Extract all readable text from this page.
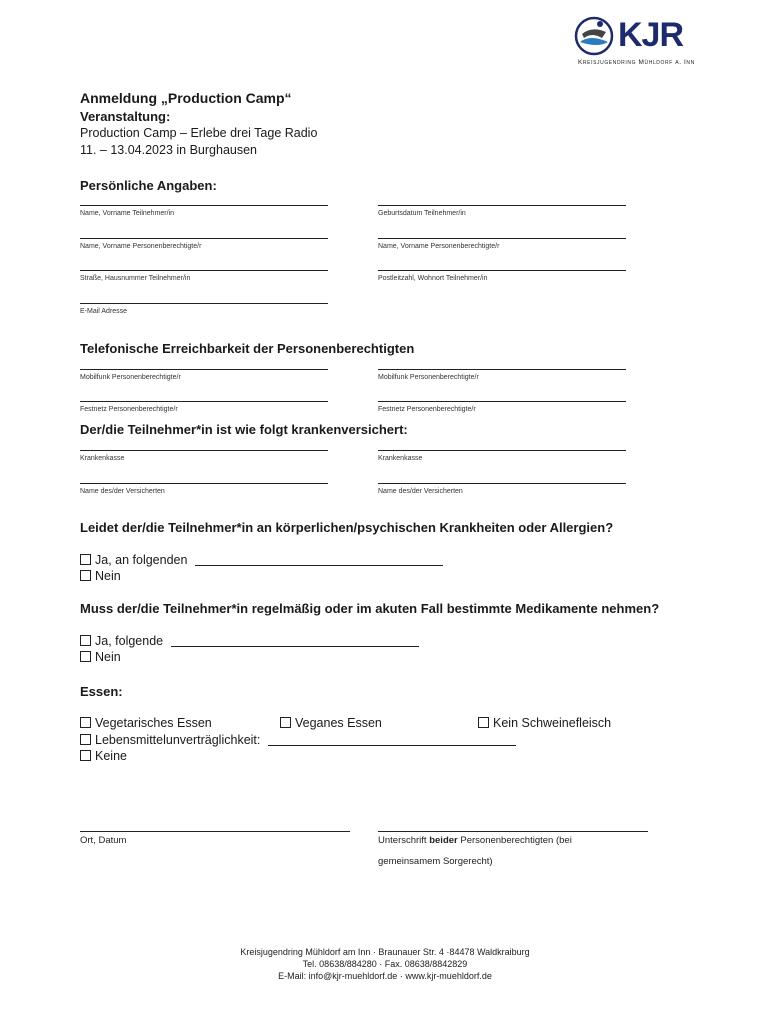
KJR
Kreisjugendring Mühldorf a. Inn
Anmeldung „Production Camp“
Veranstaltung:
Production Camp – Erlebe drei Tage Radio
11. – 13.04.2023 in Burghausen
Persönliche Angaben:
Name, Vorname Teilnehmer/in	Geburtsdatum Teilnehmer/in
Name, Vorname Personenberechtigte/r	Name, Vorname Personenberechtigte/r
Straße, Hausnummer Teilnehmer/in	Postleitzahl, Wohnort Teilnehmer/in
E-Mail Adresse
Telefonische Erreichbarkeit der Personenberechtigten
Mobilfunk Personenberechtigte/r	Mobilfunk Personenberechtigte/r
Festnetz Personenberechtigte/r	Festnetz Personenberechtigte/r
Der/die Teilnehmer*in ist wie folgt krankenversichert:
Krankenkasse	Krankenkasse
Name des/der Versicherten	Name des/der Versicherten
Leidet der/die Teilnehmer*in an körperlichen/psychischen Krankheiten oder Allergien?
Ja, an folgenden
Nein
Muss der/die Teilnehmer*in regelmäßig oder im akuten Fall bestimmte Medikamente nehmen?
Ja, folgende
Nein
Essen:
Vegetarisches Essen	Veganes Essen	Kein Schweinefleisch
Lebensmittelunverträglichkeit:
Keine
Ort, Datum	Unterschrift beider Personenberechtigten (bei
gemeinsamem Sorgerecht)
Kreisjugendring Mühldorf am Inn · Braunauer Str. 4 ·84478 Waldkraiburg
Tel. 08638/884280 · Fax. 08638/8842829
E-Mail: info@kjr-muehldorf.de · www.kjr-muehldorf.de
